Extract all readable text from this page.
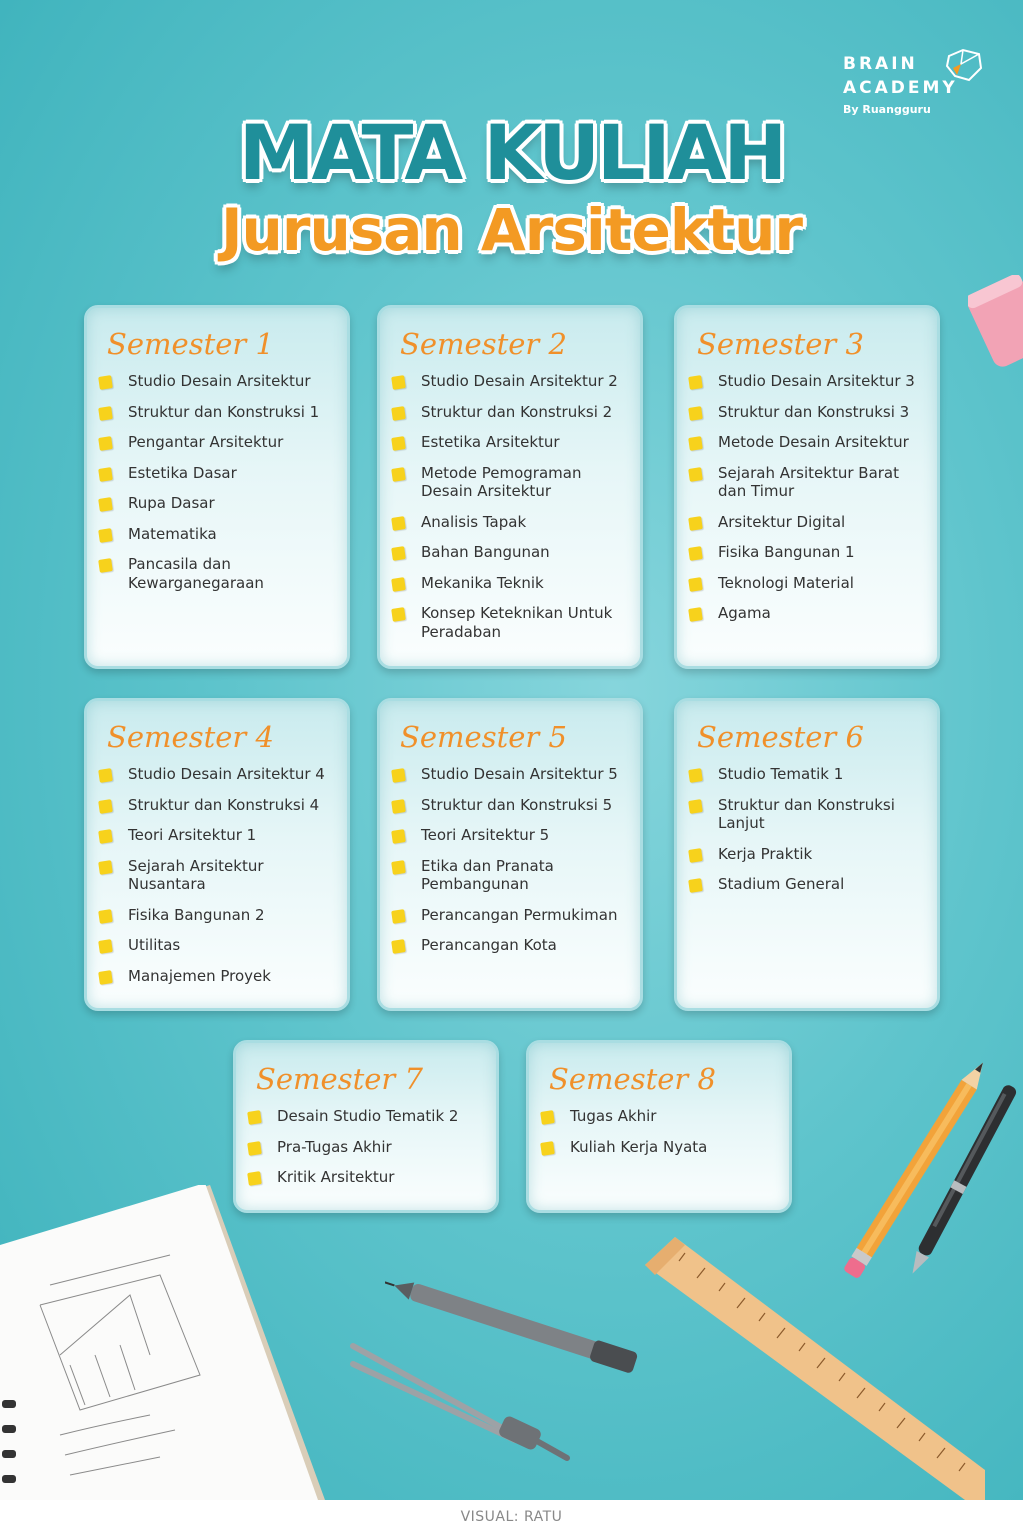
BRAIN
ACADEMY
By Ruangguru
MATA KULIAH
Jurusan Arsitektur
Semester 1
Studio Desain Arsitektur
Struktur dan Konstruksi 1
Pengantar Arsitektur
Estetika Dasar
Rupa Dasar
Matematika
Pancasila dan Kewarganegaraan
Semester 2
Studio Desain Arsitektur 2
Struktur dan Konstruksi 2
Estetika Arsitektur
Metode Pemograman Desain Arsitektur
Analisis Tapak
Bahan Bangunan
Mekanika Teknik
Konsep Keteknikan Untuk Peradaban
Semester 3
Studio Desain Arsitektur 3
Struktur dan Konstruksi 3
Metode Desain Arsitektur
Sejarah Arsitektur Barat dan Timur
Arsitektur Digital
Fisika Bangunan 1
Teknologi Material
Agama
Semester 4
Studio Desain Arsitektur 4
Struktur dan Konstruksi 4
Teori Arsitektur 1
Sejarah Arsitektur Nusantara
Fisika Bangunan 2
Utilitas
Manajemen Proyek
Semester 5
Studio Desain Arsitektur 5
Struktur dan Konstruksi 5
Teori Arsitektur 5
Etika dan Pranata Pembangunan
Perancangan Permukiman
Perancangan Kota
Semester 6
Studio Tematik 1
Struktur dan Konstruksi Lanjut
Kerja Praktik
Stadium General
Semester 7
Desain Studio Tematik 2
Pra-Tugas Akhir
Kritik Arsitektur
Semester 8
Tugas Akhir
Kuliah Kerja Nyata
VISUAL: RATU
